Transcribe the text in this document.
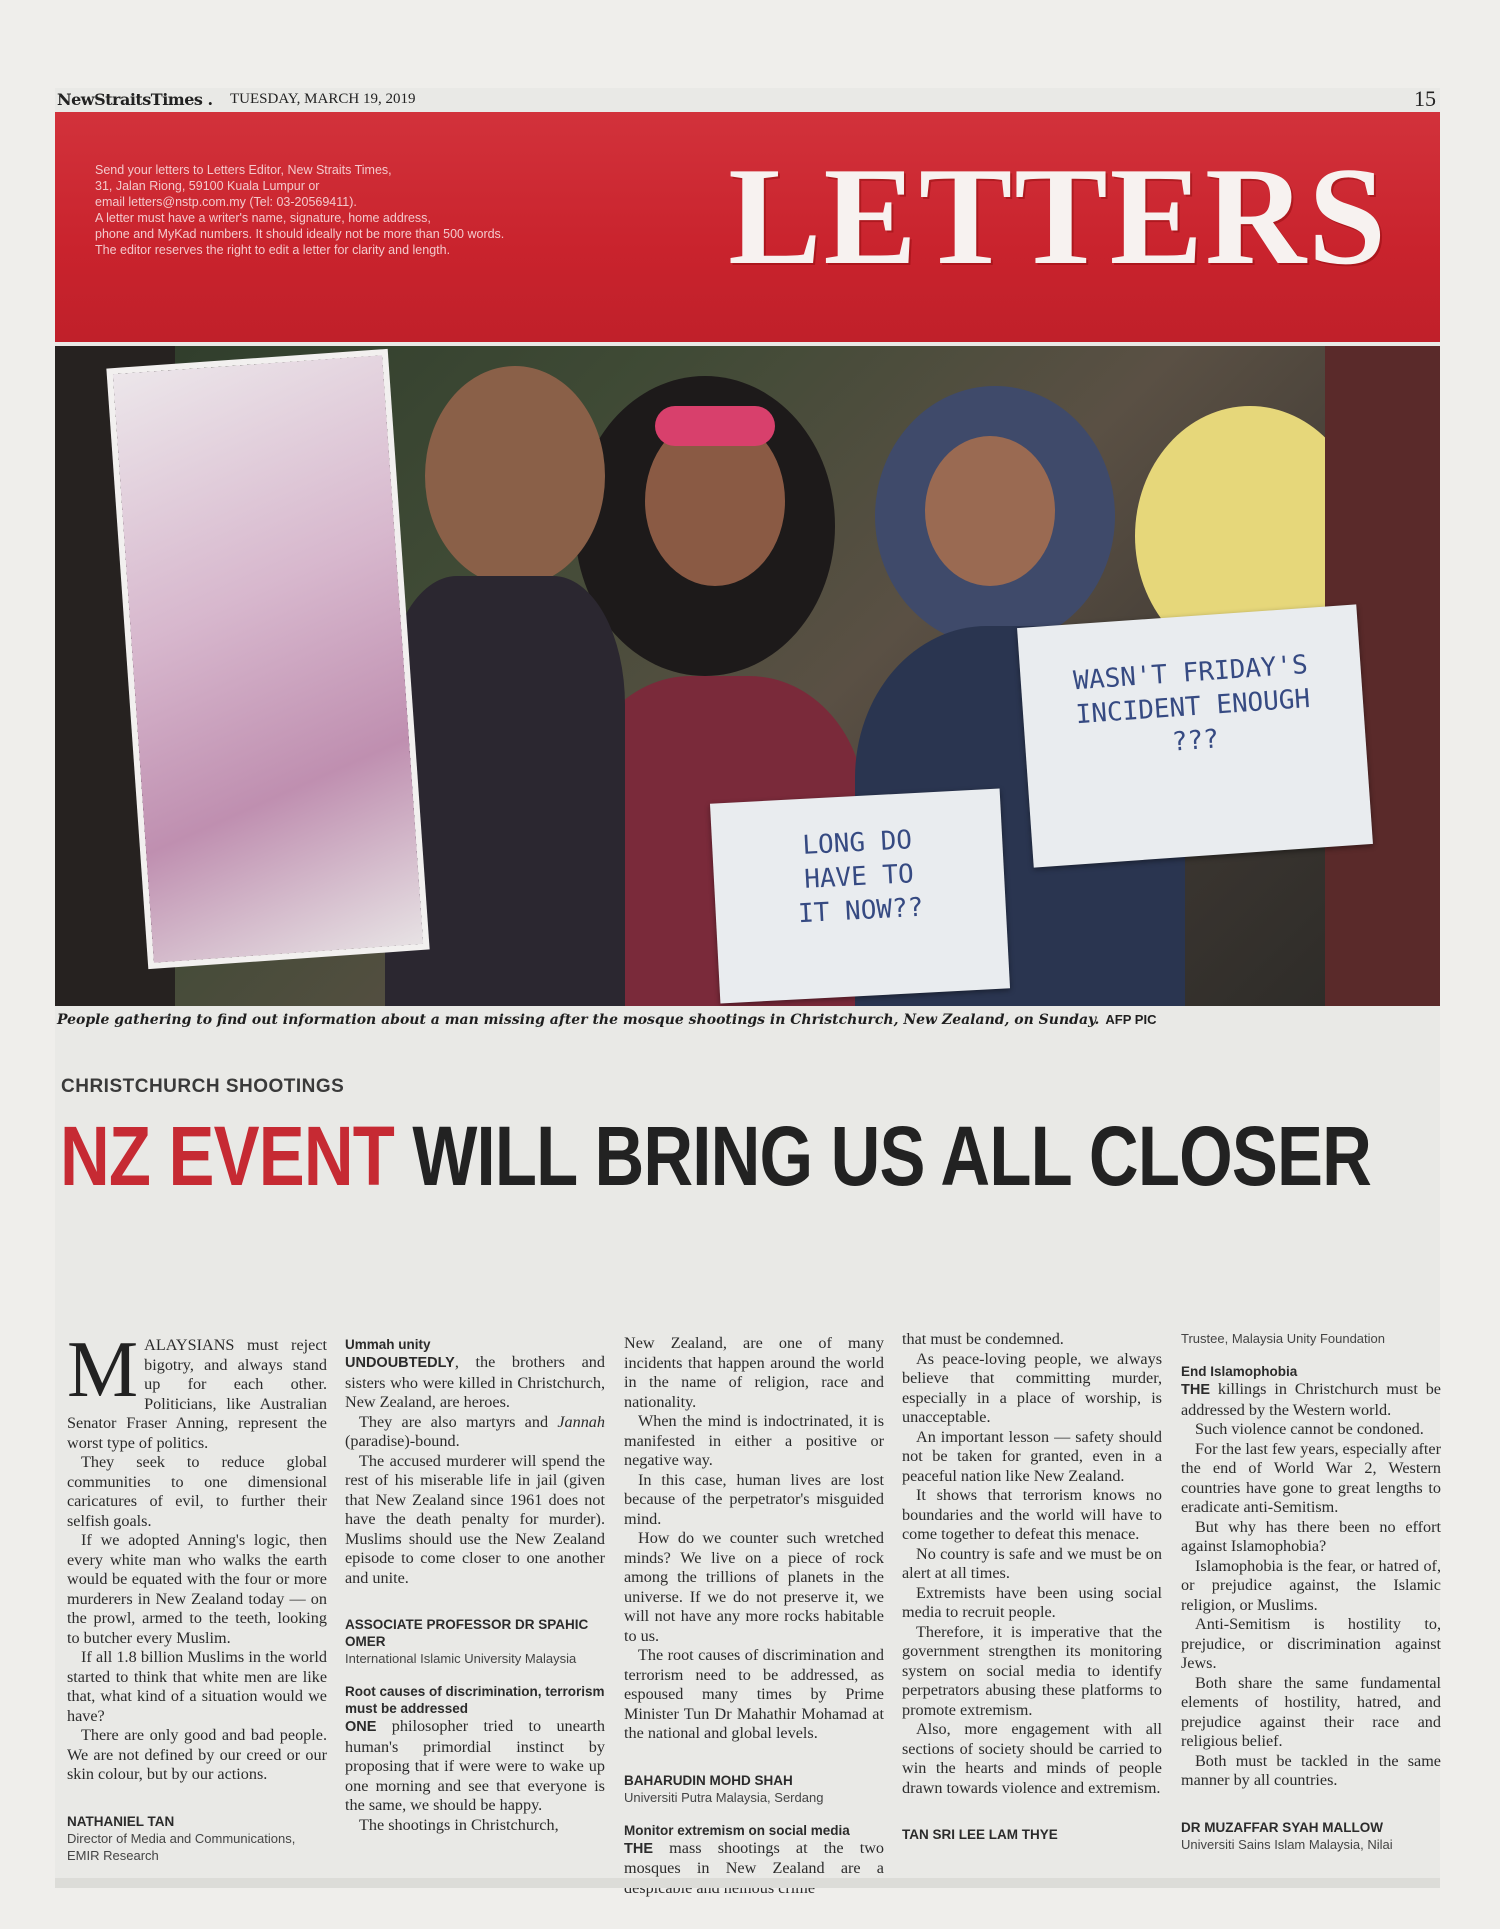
NewStraitsTimes . TUESDAY, MARCH 19, 2019	15
Send your letters to Letters Editor, New Straits Times,
31, Jalan Riong, 59100 Kuala Lumpur or
email letters@nstp.com.my (Tel: 03-20569411).
A letter must have a writer's name, signature, home address,
phone and MyKad numbers. It should ideally not be more than 500 words.
The editor reserves the right to edit a letter for clarity and length.	LETTERS
LONG DO
HAVE TO
IT NOW??
WASN'T FRIDAY'S
INCIDENT ENOUGH
???
People gathering to find out information about a man missing after the mosque shootings in Christchurch, New Zealand, on Sunday. AFP PIC
CHRISTCHURCH SHOOTINGS
NZ EVENT WILL BRING US ALL CLOSER

MALAYSIANS must reject bigotry, and always stand up for each other. Politicians, like Australian Senator Fraser Anning, represent the worst type of politics.

They seek to reduce global communities to one dimensional caricatures of evil, to further their selfish goals.

If we adopted Anning's logic, then every white man who walks the earth would be equated with the four or more murderers in New Zealand today — on the prowl, armed to the teeth, looking to butcher every Muslim.

If all 1.8 billion Muslims in the world started to think that white men are like that, what kind of a situation would we have?

There are only good and bad people. We are not defined by our creed or our skin colour, but by our actions.

NATHANIEL TAN
Director of Media and Communications, EMIR Research
Ummah unity

UNDOUBTEDLY, the brothers and sisters who were killed in Christchurch, New Zealand, are heroes.

They are also martyrs and Jannah (paradise)-bound.

The accused murderer will spend the rest of his miserable life in jail (given that New Zealand since 1961 does not have the death penalty for murder). Muslims should use the New Zealand episode to come closer to one another and unite.

ASSOCIATE PROFESSOR DR SPAHIC OMER
International Islamic University Malaysia
Root causes of discrimination, terrorism must be addressed

ONE philosopher tried to unearth human's primordial instinct by proposing that if were were to wake up one morning and see that everyone is the same, we should be happy.

The shootings in Christchurch,

New Zealand, are one of many incidents that happen around the world in the name of religion, race and nationality.

When the mind is indoctrinated, it is manifested in either a positive or negative way.

In this case, human lives are lost because of the perpetrator's misguided mind.

How do we counter such wretched minds? We live on a piece of rock among the trillions of planets in the universe. If we do not preserve it, we will not have any more rocks habitable to us.

The root causes of discrimination and terrorism need to be addressed, as espoused many times by Prime Minister Tun Dr Mahathir Mohamad at the national and global levels.

BAHARUDIN MOHD SHAH
Universiti Putra Malaysia, Serdang
Monitor extremism on social media

THE mass shootings at the two mosques in New Zealand are a

that must be condemned.

As peace-loving people, we always believe that committing murder, especially in a place of worship, is unacceptable.

An important lesson — safety should not be taken for granted, even in a peaceful nation like New Zealand.

It shows that terrorism knows no boundaries and the world will have to come together to defeat this menace.

No country is safe and we must be on alert at all times.

Extremists have been using social media to recruit people.

Therefore, it is imperative that the government strengthen its monitoring system on social media to identify perpetrators abusing these platforms to promote extremism.

Also, more engagement with all sections of society should be carried to win the hearts and minds of people drawn towards violence and extremism.

TAN SRI LEE LAM THYE
Trustee, Malaysia Unity Foundation
End Islamophobia

THE killings in Christchurch must be addressed by the Western world.

Such violence cannot be condoned.

For the last few years, especially after the end of World War 2, Western countries have gone to great lengths to eradicate anti-Semitism.

But why has there been no effort against Islamophobia?

Islamophobia is the fear, or hatred of, or prejudice against, the Islamic religion, or Muslims.

Anti-Semitism is hostility to, prejudice, or discrimination against Jews.

Both share the same fundamental elements of hostility, hatred, and prejudice against their race and religious belief.

Both must be tackled in the same manner by all countries.

DR MUZAFFAR SYAH MALLOW
Universiti Sains Islam Malaysia, Nilai
